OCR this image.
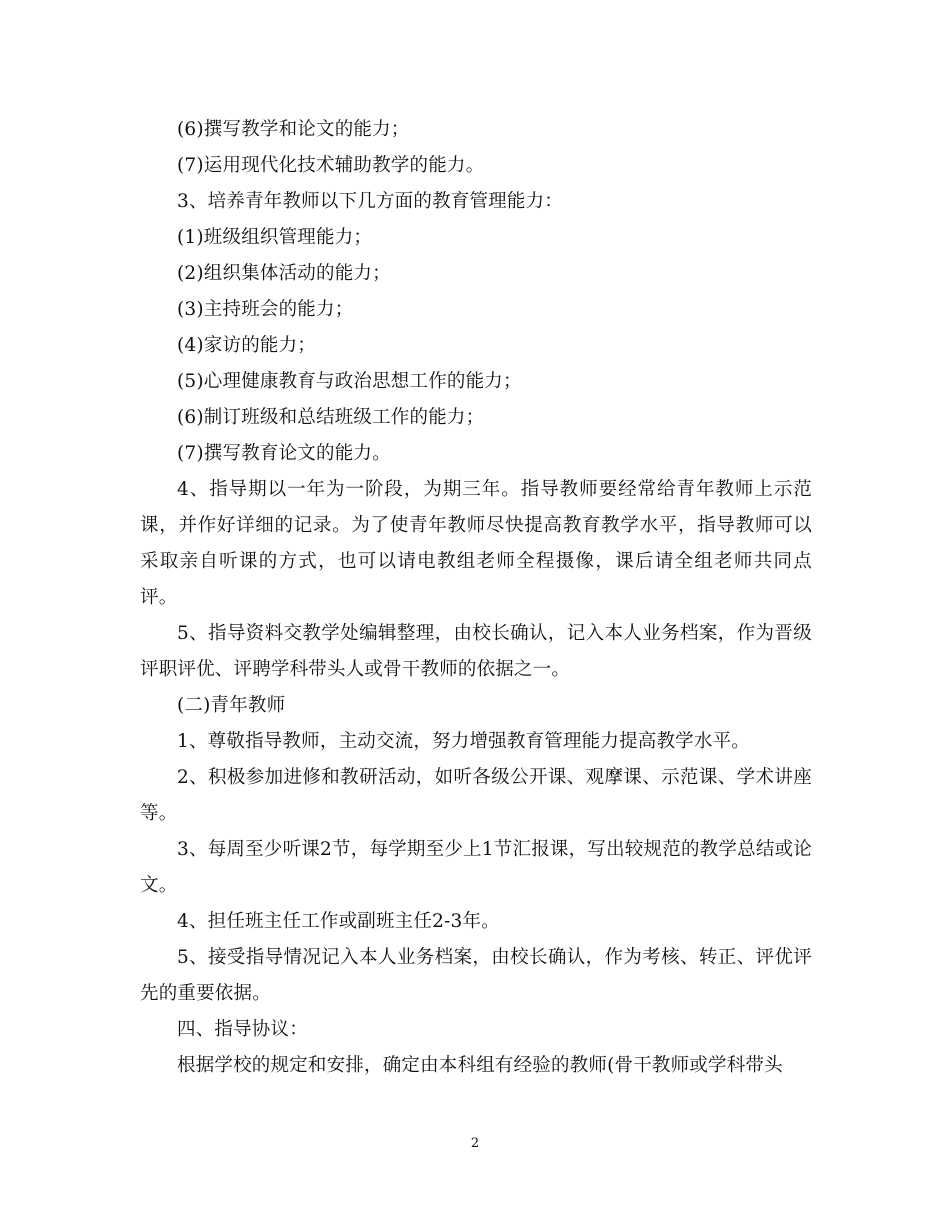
(6)撰写教学和论文的能力；

(7)运用现代化技术辅助教学的能力。

3、培养青年教师以下几方面的教育管理能力：

(1)班级组织管理能力；

(2)组织集体活动的能力；

(3)主持班会的能力；

(4)家访的能力；

(5)心理健康教育与政治思想工作的能力；

(6)制订班级和总结班级工作的能力；

(7)撰写教育论文的能力。

4、指导期以一年为一阶段，为期三年。指导教师要经常给青年教师上示范课，并作好详细的记录。为了使青年教师尽快提高教育教学水平，指导教师可以采取亲自听课的方式，也可以请电教组老师全程摄像，课后请全组老师共同点评。

5、指导资料交教学处编辑整理，由校长确认，记入本人业务档案，作为晋级评职评优、评聘学科带头人或骨干教师的依据之一。

(二)青年教师

1、尊敬指导教师，主动交流，努力增强教育管理能力提高教学水平。

2、积极参加进修和教研活动，如听各级公开课、观摩课、示范课、学术讲座等。

3、每周至少听课2节，每学期至少上1节汇报课，写出较规范的教学总结或论文。

4、担任班主任工作或副班主任2-3年。

5、接受指导情况记入本人业务档案，由校长确认，作为考核、转正、评优评先的重要依据。

四、指导协议：

根据学校的规定和安排，确定由本科组有经验的教师(骨干教师或学科带头

2
